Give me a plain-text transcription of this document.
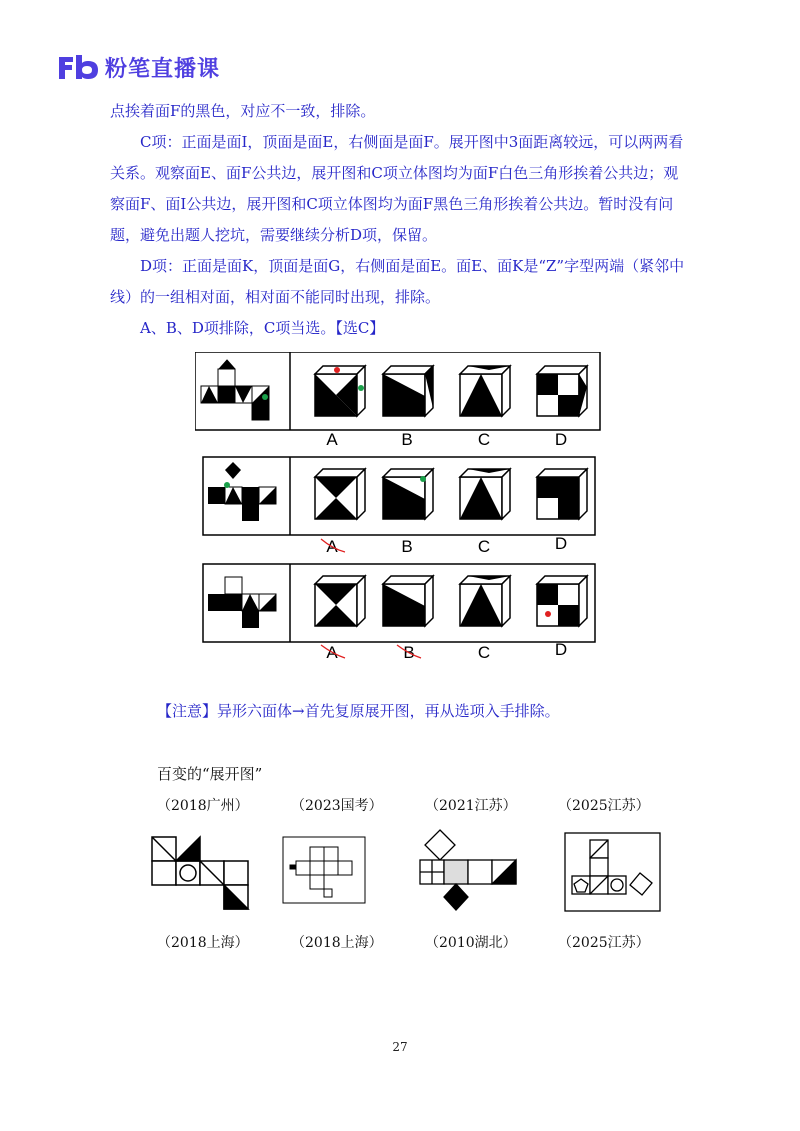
粉笔直播课

点挨着面F的黑色，对应不一致，排除。

C项：正面是面I，顶面是面E，右侧面是面F。展开图中3面距离较远，可以两两看关系。观察面E、面F公共边，展开图和C项立体图均为面F白色三角形挨着公共边；观察面F、面I公共边，展开图和C项立体图均为面F黑色三角形挨着公共边。暂时没有问题，避免出题人挖坑，需要继续分析D项，保留。

D项：正面是面K，顶面是面G，右侧面是面E。面E、面K是“Z”字型两端（紧邻中线）的一组相对面，相对面不能同时出现，排除。

A、B、D项排除，C项当选。【选C】

A	B	C	D
A	B	C	D
A	B	C	D
【注意】异形六面体→首先复原展开图，再从选项入手排除。
百变的“展开图”
（2018广州）	（2023国考）	（2021江苏）	（2025江苏）
（2018上海）	（2018上海）	（2010湖北）	（2025江苏）
27
